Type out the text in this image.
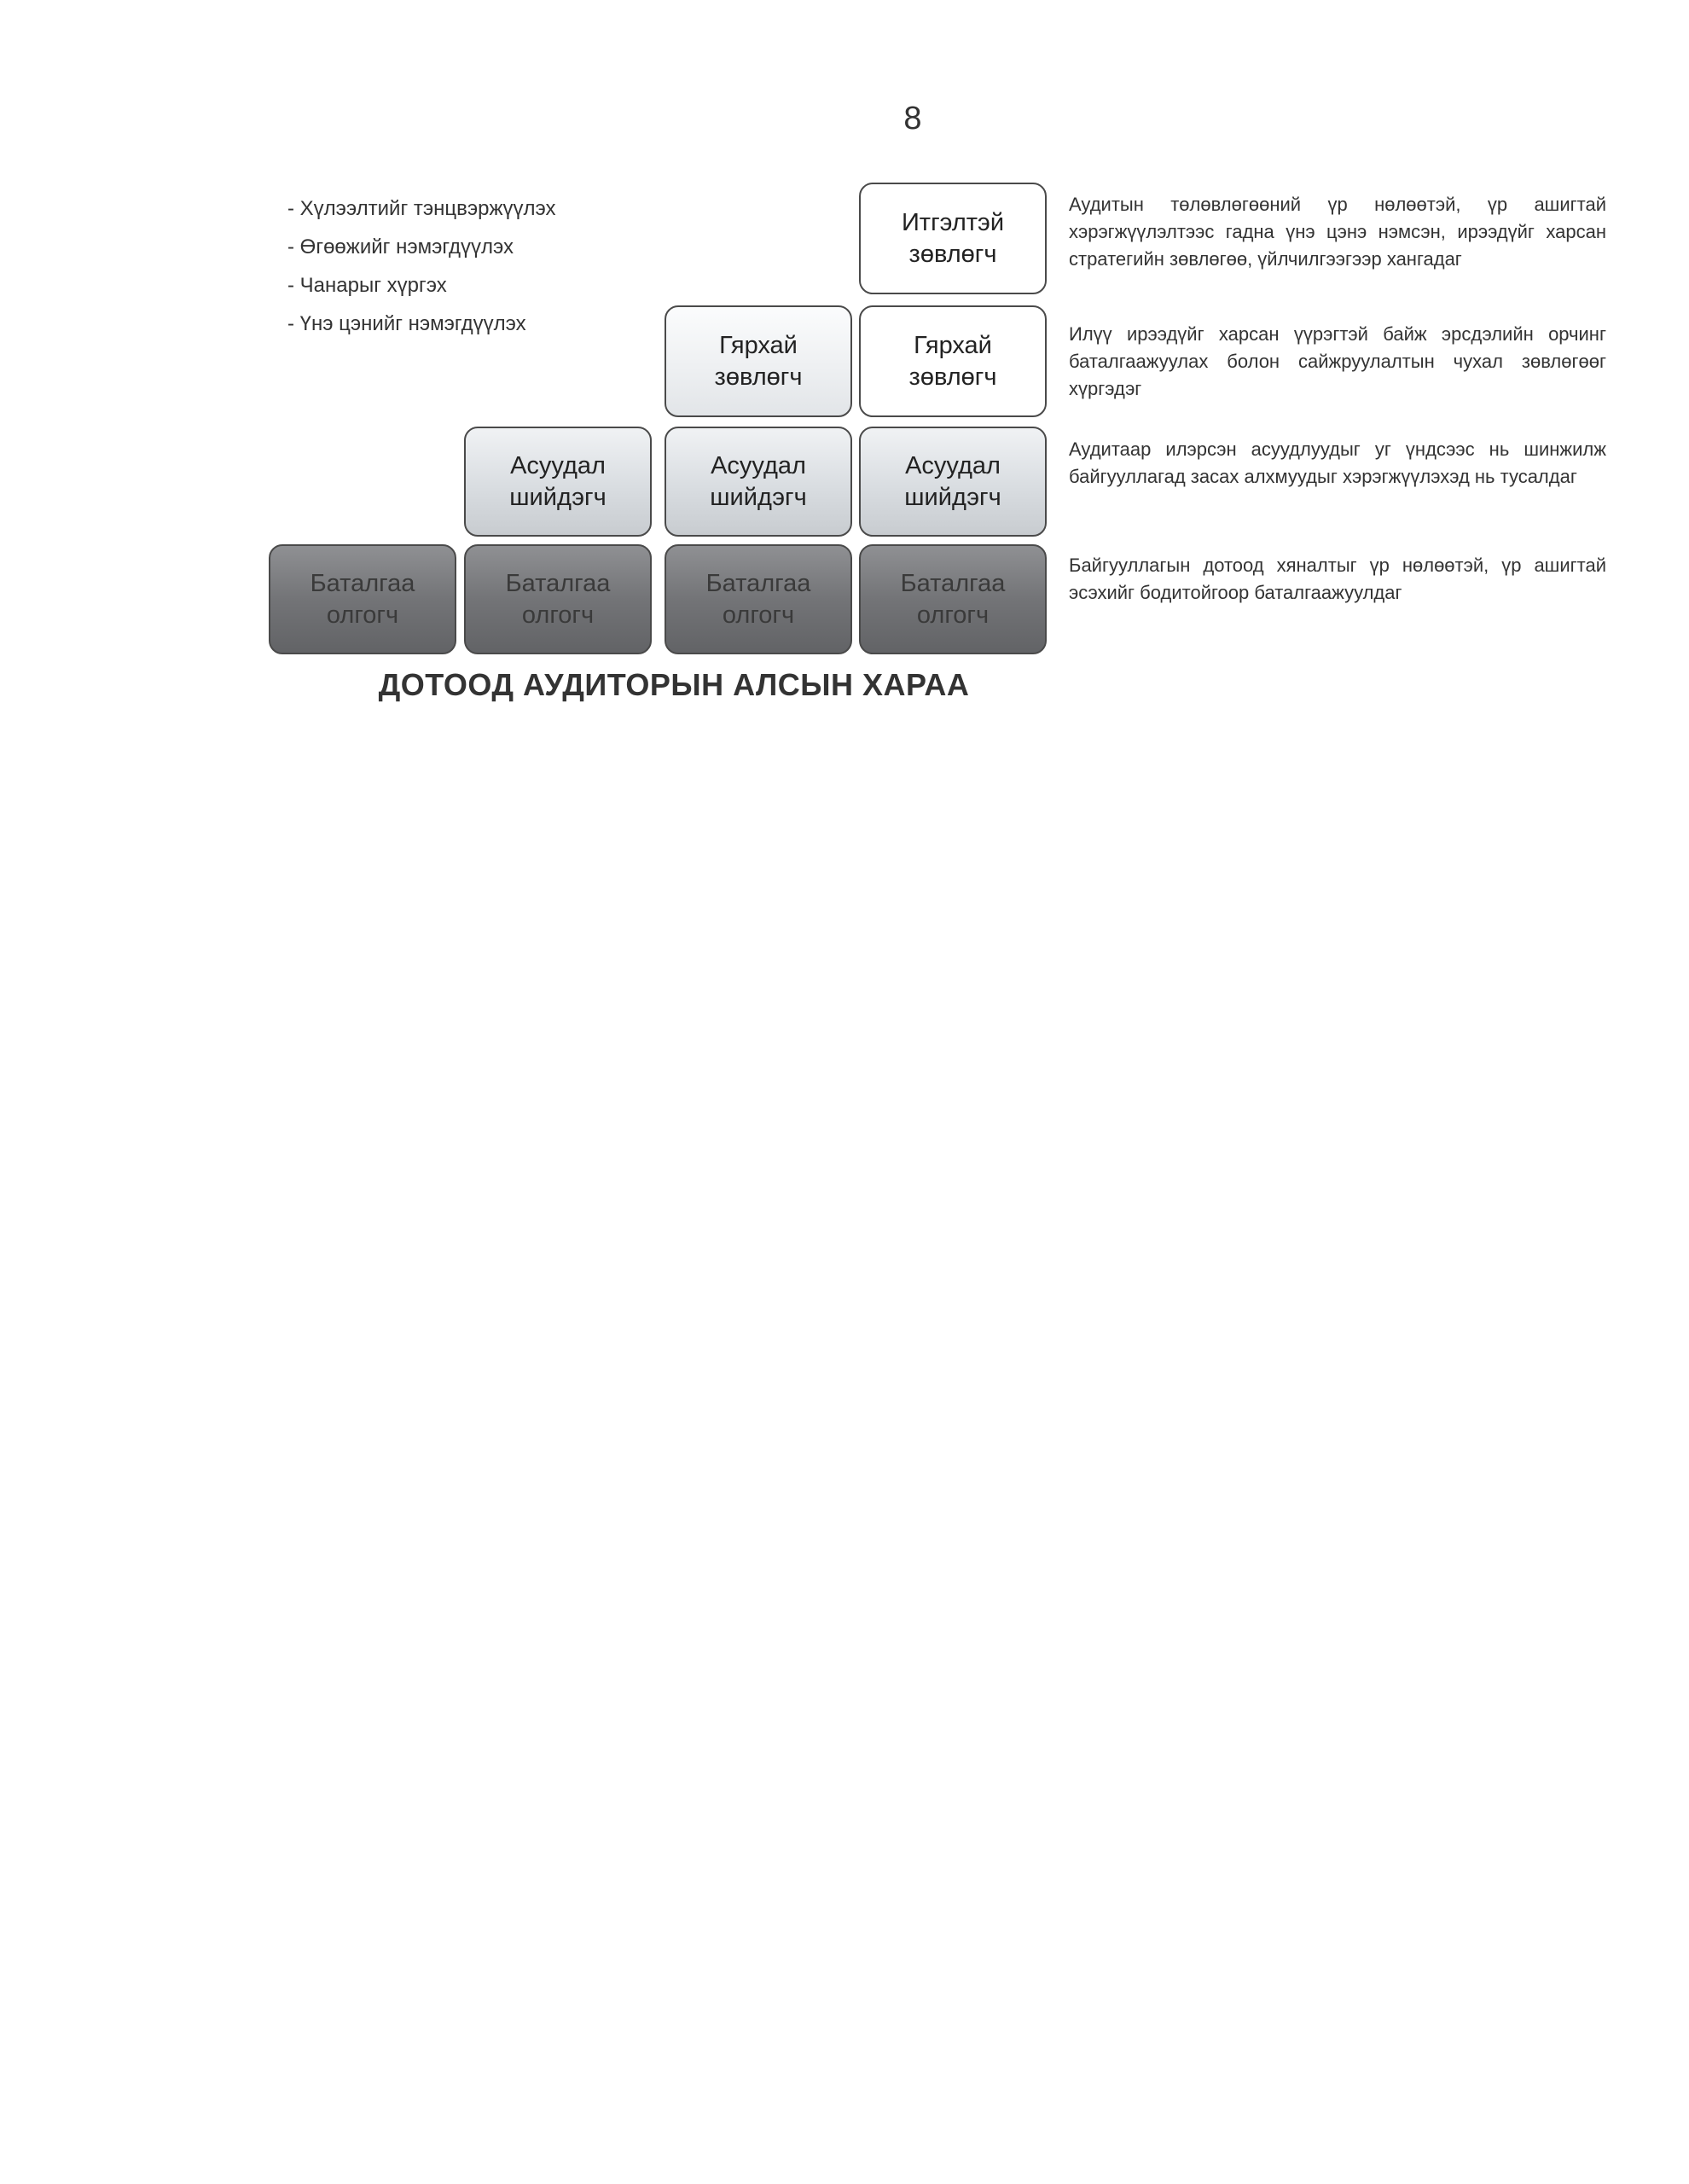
8
- Хүлээлтийг тэнцвэржүүлэх
- Өгөөжийг нэмэгдүүлэх
- Чанарыг хүргэх
- Үнэ цэнийг нэмэгдүүлэх
Итгэлтэй
зөвлөгч
Гярхай
зөвлөгч
Гярхай
зөвлөгч
Асуудал
шийдэгч
Асуудал
шийдэгч
Асуудал
шийдэгч
Баталгаа
олгогч
Баталгаа
олгогч
Баталгаа
олгогч
Баталгаа
олгогч
Аудитын төлөвлөгөөний үр нөлөөтэй, үр ашигтай хэрэгжүүлэлтээс гадна үнэ цэнэ нэмсэн, ирээдүйг харсан стратегийн зөвлөгөө, үйлчилгээгээр хангадаг
Илүү ирээдүйг харсан үүрэгтэй байж эрсдэлийн орчинг баталгаажуулах болон сайжруулалтын чухал зөвлөгөөг хүргэдэг
Аудитаар илэрсэн асуудлуудыг уг үндсээс нь шинжилж байгууллагад засах алхмуудыг хэрэгжүүлэхэд нь тусалдаг
Байгууллагын дотоод хяналтыг үр нөлөөтэй, үр ашигтай эсэхийг бодитойгоор баталгаажуулдаг
ДОТООД АУДИТОРЫН АЛСЫН ХАРАА
